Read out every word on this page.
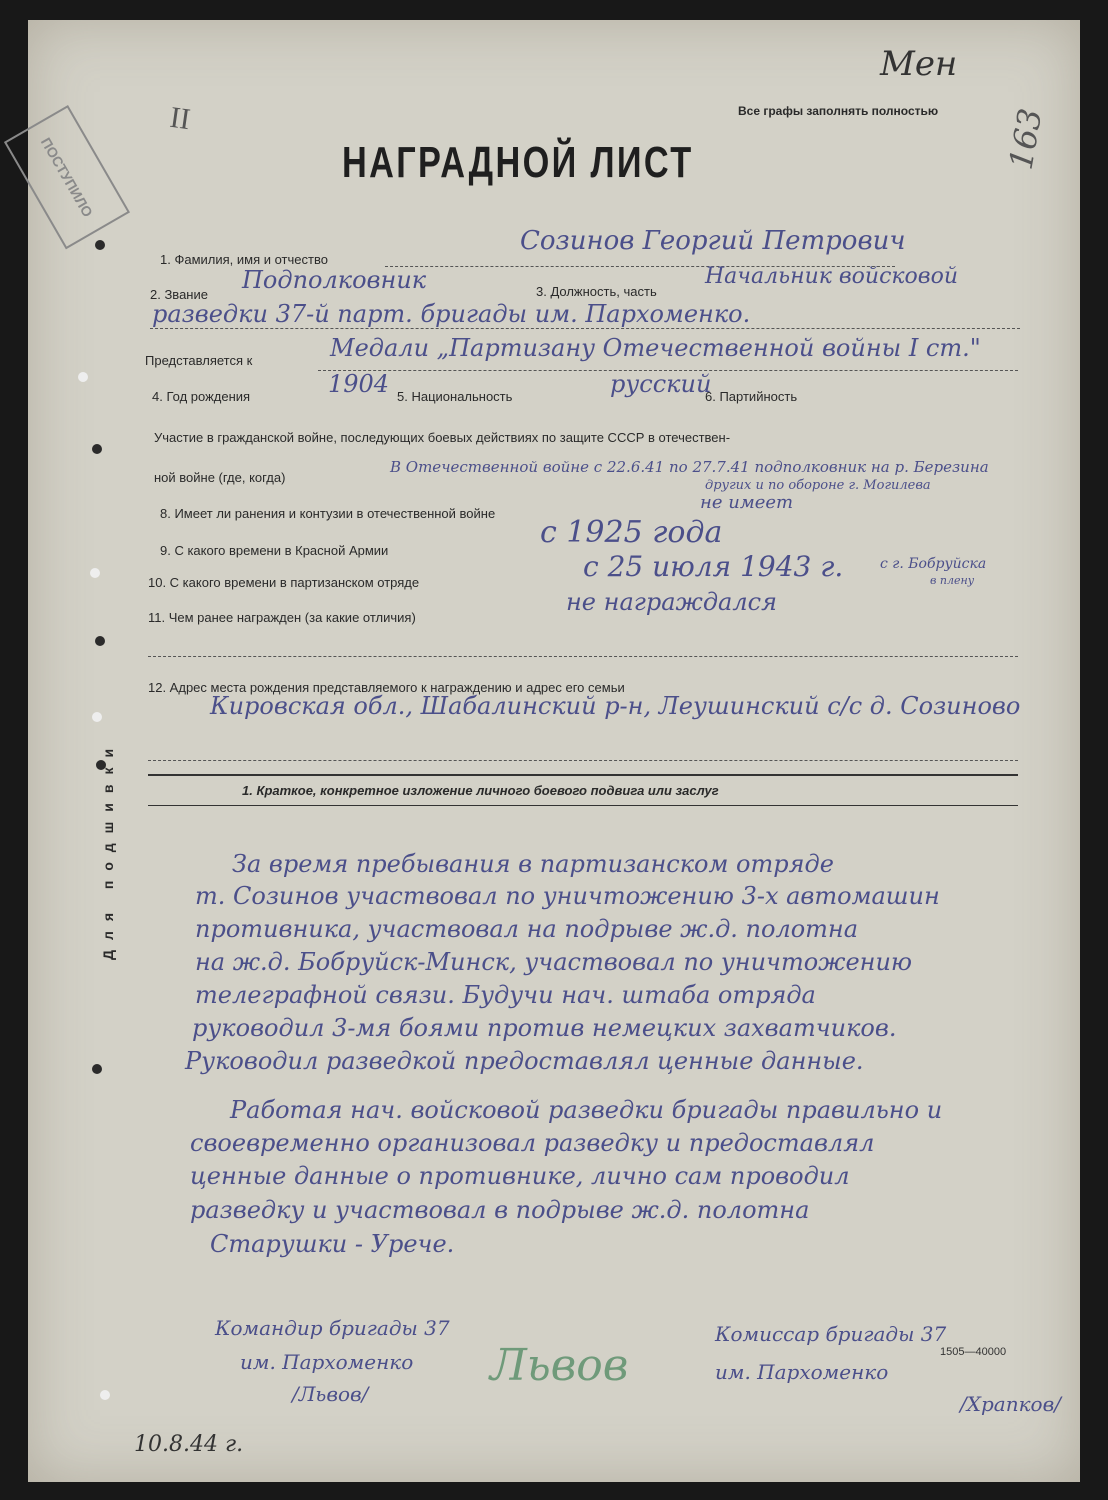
II
ПОСТУПИЛО
Мен
163
Все графы заполнять полностью
НАГРАДНОЙ ЛИСТ
1. Фамилия, имя и отчество
Созинов Георгий Петрович
2. Звание
Подполковник	3. Должность, часть
Начальник войсковой
разведки 37-й парт. бригады им. Пархоменко.
Представляется к	Медали „Партизану Отечественной войны I ст."
4. Год рождения	1904 5. Национальность	русский
6. Партийность
Участие в гражданской войне, последующих боевых действиях по защите СССР в отечествен-
ной войне (где, когда)
В Отечественной войне с 22.6.41 по 27.7.41 подполковник на р. Березина
других и по обороне г. Могилева
8. Имеет ли ранения и контузии в отечественной войне
не имеет
9. С какого времени в Красной Армии
с 1925 года
10. С какого времени в партизанском отряде	с 25 июля 1943 г.	с г. Бобруйска
в плену
11. Чем ранее награжден (за какие отличия)
не награждался
12. Адрес места рождения представляемого к награждению и адрес его семьи
Кировская обл., Шабалинский р-н, Леушинский с/с д. Созиново
1. Краткое, конкретное изложение личного боевого подвига или заслуг
Для подшивки	За время пребывания в партизанском отряде
т. Созинов участвовал по уничтожению 3-х автомашин
противника, участвовал на подрыве ж.д. полотна
на ж.д. Бобруйск-Минск, участвовал по уничтожению
телеграфной связи. Будучи нач. штаба отряда
руководил 3-мя боями против немецких захватчиков.
Руководил разведкой предоставлял ценные данные.
Работая нач. войсковой разведки бригады правильно и
своевременно организовал разведку и предоставлял
ценные данные о противнике, лично сам проводил
разведку и участвовал в подрыве ж.д. полотна
Старушки - Урече.
Командир бригады 37
им. Пархоменко
/Львов/
Львов
Комиссар бригады 37
им. Пархоменко
/Храпков/
1505—40000
10.8.44 г.
